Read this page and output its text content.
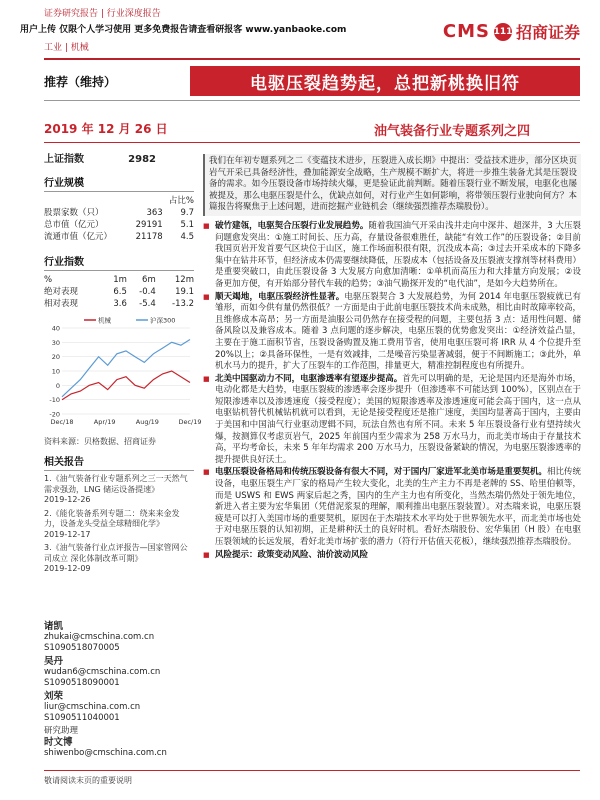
证券研究报告 | 行业深度报告
用户上传 仅限个人学习使用 更多免费报告请查看研报客 www.yanbaoke.com
工业 | 机械
CMS 111 招商证券
推荐（维持）	电驱压裂趋势起，总把新桃换旧符
2019 年 12 月 26 日	油气装备行业专题系列之四
上证指数	2982
行业规模
		占比%
股票家数（只）	363	9.7
总市值（亿元）	29191	5.1
流通市值（亿元）	21178	4.5
行业指数
%	1m	6m	12m
绝对表现	6.5	-0.4	19.1
相对表现	3.6	-5.4	-13.2
40
30
20
10
0
-10
-20
Dec/18	Apr/19	Aug/19	Dec/19
机械	沪深300
资料来源：贝格数据、招商证券
相关报告
1.《油气装备行业专题系列之三一天然气需求强劲，LNG 储运设备提速》
2019-12-26
2.《能化装备系列专题二：绕来来金发力，设备龙头受益全球精细化学》
2019-12-17
3.《油气装备行业点评报告—国家管网公司成立 深化体制改革可期》
2019-12-09
诸凯
zhukai@cmschina.com.cn
S1090518070005
吴丹
wudan6@cmschina.com.cn
S1090518090001
刘荣
liur@cmschina.com.cn
S1090511040001
研究助理
时文博
shiwenbo@cmschina.com.cn
我们在年初专题系列之二《变蕴技术进步，压裂进入成长期》中提出：受益技术进步，部分区块页岩气开采已具备经济性，叠加能源安全战略，生产规模不断扩大，将进一步推生装备尤其是压裂设备的需求。如今压裂设备市场持续火爆，更是验证此前判断。随着压裂行业不断发展，电驱化也屡被提及，那么电驱压裂是什么，优缺点如何，对行业产生如何影响，将带领压裂行业驶向何方？本篇报告将聚焦于上述问题，进而挖掘产业链机会（继续强烈推荐杰瑞股份）。
■ 破竹建瓴，电驱契合压裂行业发展趋势。随着我国油气开采由浅井走向中深井、超深井，3 大压裂问题愈发突出：①施工时间长、压力高，存量设备很难胜任，缺能“有效工作”的压裂设备；②目前我国页岩开发首要气区块位于山区，施工作场面积很有限，沉没成本高；③过去开采成本的下降多集中在钻井环节，但经济成本仍需要继续降低，压裂成本（包括设备及压裂液支撑剂等材料费用）是重要突破口，由此压裂设备 3 大发展方向愈加清晰：①单机而高压力和大排量方向发展；②设备更加方便，有开始部分替代车载的趋势；③油气勘探开发的“电代油”，是如今大趋势所在。
■ 顺天竭地，电驱压裂经济性显著。电驱压裂契合 3 大发展趋势，为何 2014 年电驱压裂疲就已有雏形，而如今供有量仍然很低？一方面是由于此前电驱压裂技术尚未成熟，相比由时故障率较高，且维修成本高昂；另一方面是油服公司仍然存在接受程的问题，主要包括 3 点：适用性问题、储备风险以及兼容成本。随着 3 点问题的逐步解决，电驱压裂的优势愈发突出：①经济效益凸显，主要在于施工面积节省，压裂设备购置及施工费用节省，使用电驱压裂可将 IRR 从 4 个位提升至 20%以上；②具备环保性，一是有效减排，二是噪音污染显著减弱，便于不间断施工；③此外，单机水马力的提升，扩大了压裂车的工作范围，排量更大，精准控制程度也有所提升。
■ 北美中国驱动力不同，电驱渗透率有望逐步提高。首先可以明确的是，无论是国内还是海外市场，电动化都是大趋势，电驱压裂疲的渗透率会逐步提升（但渗透率不可能达到 100%），区别点在于短限渗透率以及渗透速度（接受程度）；美国的短限渗透率及渗透速度可能会高于国内，这一点从电驱钻机替代机械钻机就可以看到，无论是接受程度还是推广速度，美国均显著高于国内，主要由于美国和中国油气行业驱动逻辑不同，玩法自然也有所不同。未来 5 年压裂设备行业有望持续火爆，按测算仅考虑页岩气，2025 年前国内至少需求为 258 万水马力，而北美市场由于存量技术高，平均考命长，未来 5 年年均需求 200 万水马力，压裂设备紧缺的情况，为电驱压裂渗透率的提升提供良好沃土。
■ 电驱压裂设备格局和传统压裂设备有很大不同，对于国内厂家进军北美市场是重要契机。相比传统设备，电驱压裂生产厂家的格局产生较大变化，北美的生产主力不再是老牌的 SS、哈里伯顿等，而是 USWS 和 EWS 两家后起之秀，国内的生产主力也有所变化，当然杰瑞仍然处于领先地位，新进入者主要为宏华集团（凭借泥浆泵的理解，顺利推出电驱压裂装置）。对杰瑞来说，电驱压裂疲是可以打入美国市场的重要契机，原因在于杰瑞技术水平均处于世界领先水平，而北美市场也处于对电驱压裂的认知初期，正是耕种沃土的良好时机。看好杰瑞股份、宏华集团（H 股）在电驱压裂领域的长远发展，看好北美市场扩张的潜力（符行开估值天花板），继续强烈推荐杰瑞股份。
■ 风险提示：政策变动风险、油价波动风险
敬请阅读末页的重要说明
